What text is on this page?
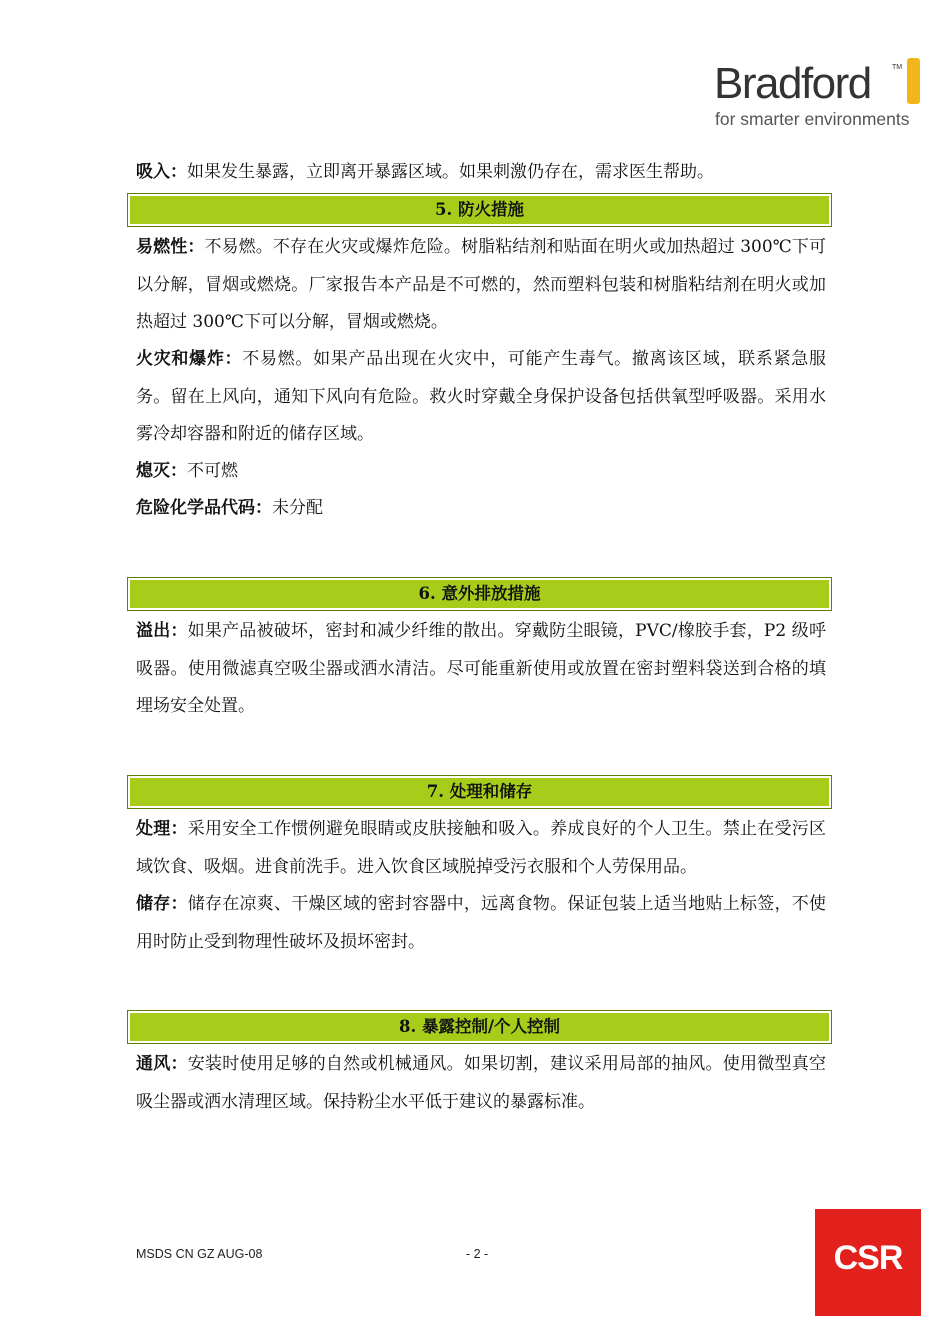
Bradford	TM
for smarter environments

吸入：如果发生暴露，立即离开暴露区域。如果刺激仍存在，需求医生帮助。

5. 防火措施

易燃性：不易燃。不存在火灾或爆炸危险。树脂粘结剂和贴面在明火或加热超过 300℃下可以分解，冒烟或燃烧。厂家报告本产品是不可燃的，然而塑料包装和树脂粘结剂在明火或加热超过 300℃下可以分解，冒烟或燃烧。

火灾和爆炸：不易燃。如果产品出现在火灾中，可能产生毒气。撤离该区域，联系紧急服务。留在上风向，通知下风向有危险。救火时穿戴全身保护设备包括供氧型呼吸器。采用水雾冷却容器和附近的储存区域。

熄灭：不可燃

危险化学品代码：未分配

6. 意外排放措施

溢出：如果产品被破坏，密封和减少纤维的散出。穿戴防尘眼镜，PVC/橡胶手套，P2 级呼吸器。使用微滤真空吸尘器或洒水清洁。尽可能重新使用或放置在密封塑料袋送到合格的填埋场安全处置。

7. 处理和储存

处理：采用安全工作惯例避免眼睛或皮肤接触和吸入。养成良好的个人卫生。禁止在受污区域饮食、吸烟。进食前洗手。进入饮食区域脱掉受污衣服和个人劳保用品。

储存：储存在凉爽、干燥区域的密封容器中，远离食物。保证包装上适当地贴上标签，不使用时防止受到物理性破坏及损坏密封。

8. 暴露控制/个人控制

通风：安装时使用足够的自然或机械通风。如果切割，建议采用局部的抽风。使用微型真空吸尘器或洒水清理区域。保持粉尘水平低于建议的暴露标准。

MSDS CN GZ AUG-08	- 2 -	CSR
